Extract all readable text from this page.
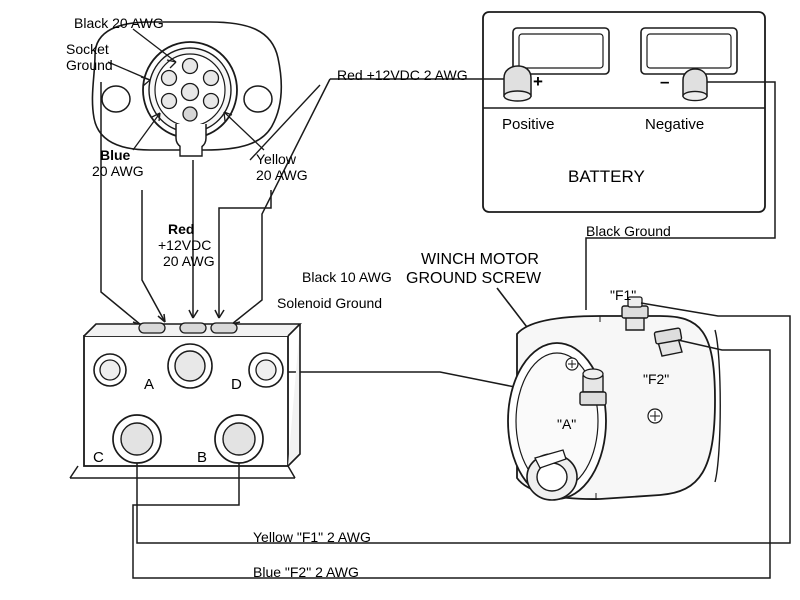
Black 20 AWG
Socket
Ground
Blue
20 AWG
Yellow
20 AWG
Red
+12VDC
20 AWG
Red +12VDC 2 AWG	+	–
Positive	Negative
BATTERY
Black Ground
Black 10 AWG
Solenoid Ground
WINCH MOTOR
GROUND SCREW
"F1"
"F2"
"A"
A	D
C	B
Yellow "F1" 2 AWG
Blue "F2" 2 AWG
